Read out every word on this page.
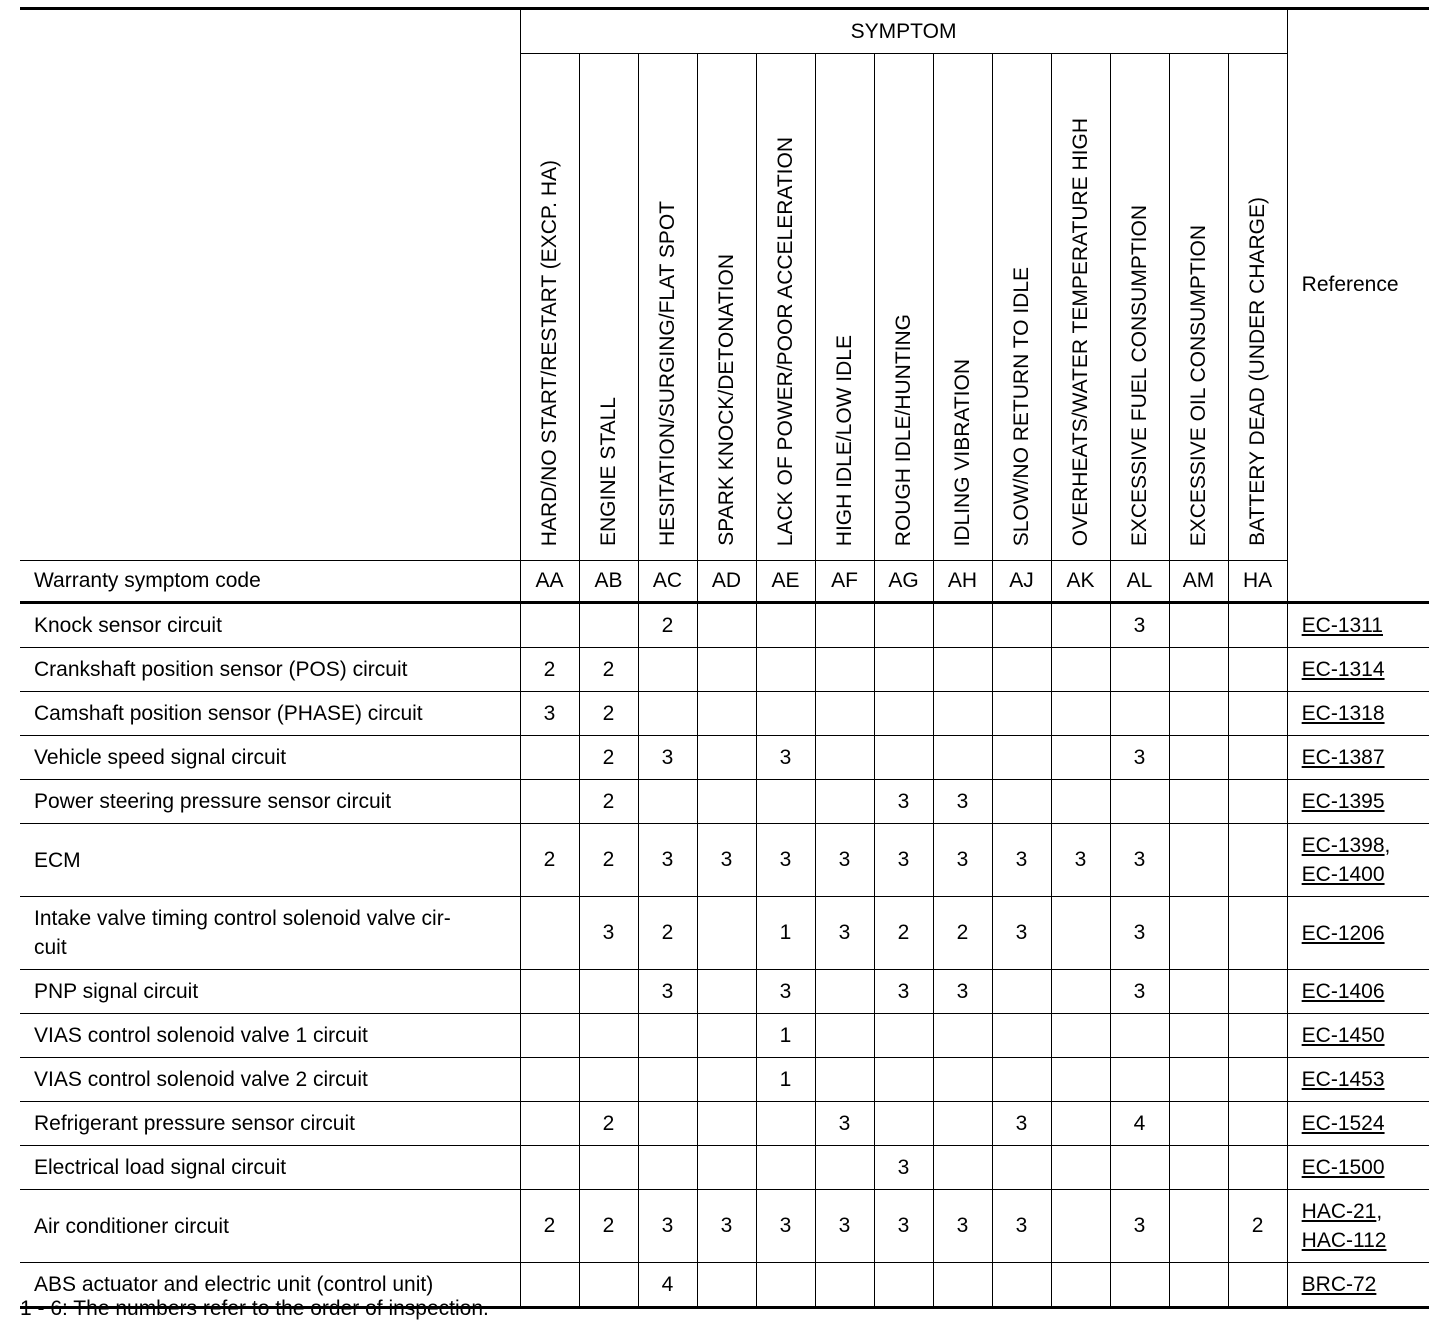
	SYMPTOM													Reference
	HARD/NO START/RESTART (EXCP. HA)	ENGINE STALL	HESITATION/SURGING/FLAT SPOT	SPARK KNOCK/DETONATION	LACK OF POWER/POOR ACCELERATION	HIGH IDLE/LOW IDLE	ROUGH IDLE/HUNTING	IDLING VIBRATION	SLOW/NO RETURN TO IDLE	OVERHEATS/WATER TEMPERATURE HIGH	EXCESSIVE FUEL CONSUMPTION	EXCESSIVE OIL CONSUMPTION	BATTERY DEAD (UNDER CHARGE)	
Warranty symptom code	AA	AB	AC	AD	AE	AF	AG	AH	AJ	AK	AL	AM	HA	
Knock sensor circuit			2								3			EC-1311
Crankshaft position sensor (POS) circuit	2	2												EC-1314
Camshaft position sensor (PHASE) circuit	3	2												EC-1318
Vehicle speed signal circuit		2	3		3						3			EC-1387
Power steering pressure sensor circuit		2					3	3						EC-1395
ECM	2	2	3	3	3	3	3	3	3	3	3			EC-1398,
EC-1400
Intake valve timing control solenoid valve cir-
cuit		3	2		1	3	2	2	3		3			EC-1206
PNP signal circuit			3		3		3	3			3			EC-1406
VIAS control solenoid valve 1 circuit					1									EC-1450
VIAS control solenoid valve 2 circuit					1									EC-1453
Refrigerant pressure sensor circuit		2				3			3		4			EC-1524
Electrical load signal circuit							3							EC-1500
Air conditioner circuit	2	2	3	3	3	3	3	3	3		3		2	HAC-21,
HAC-112
ABS actuator and electric unit (control unit)			4											BRC-72
1 - 6: The numbers refer to the order of inspection.
